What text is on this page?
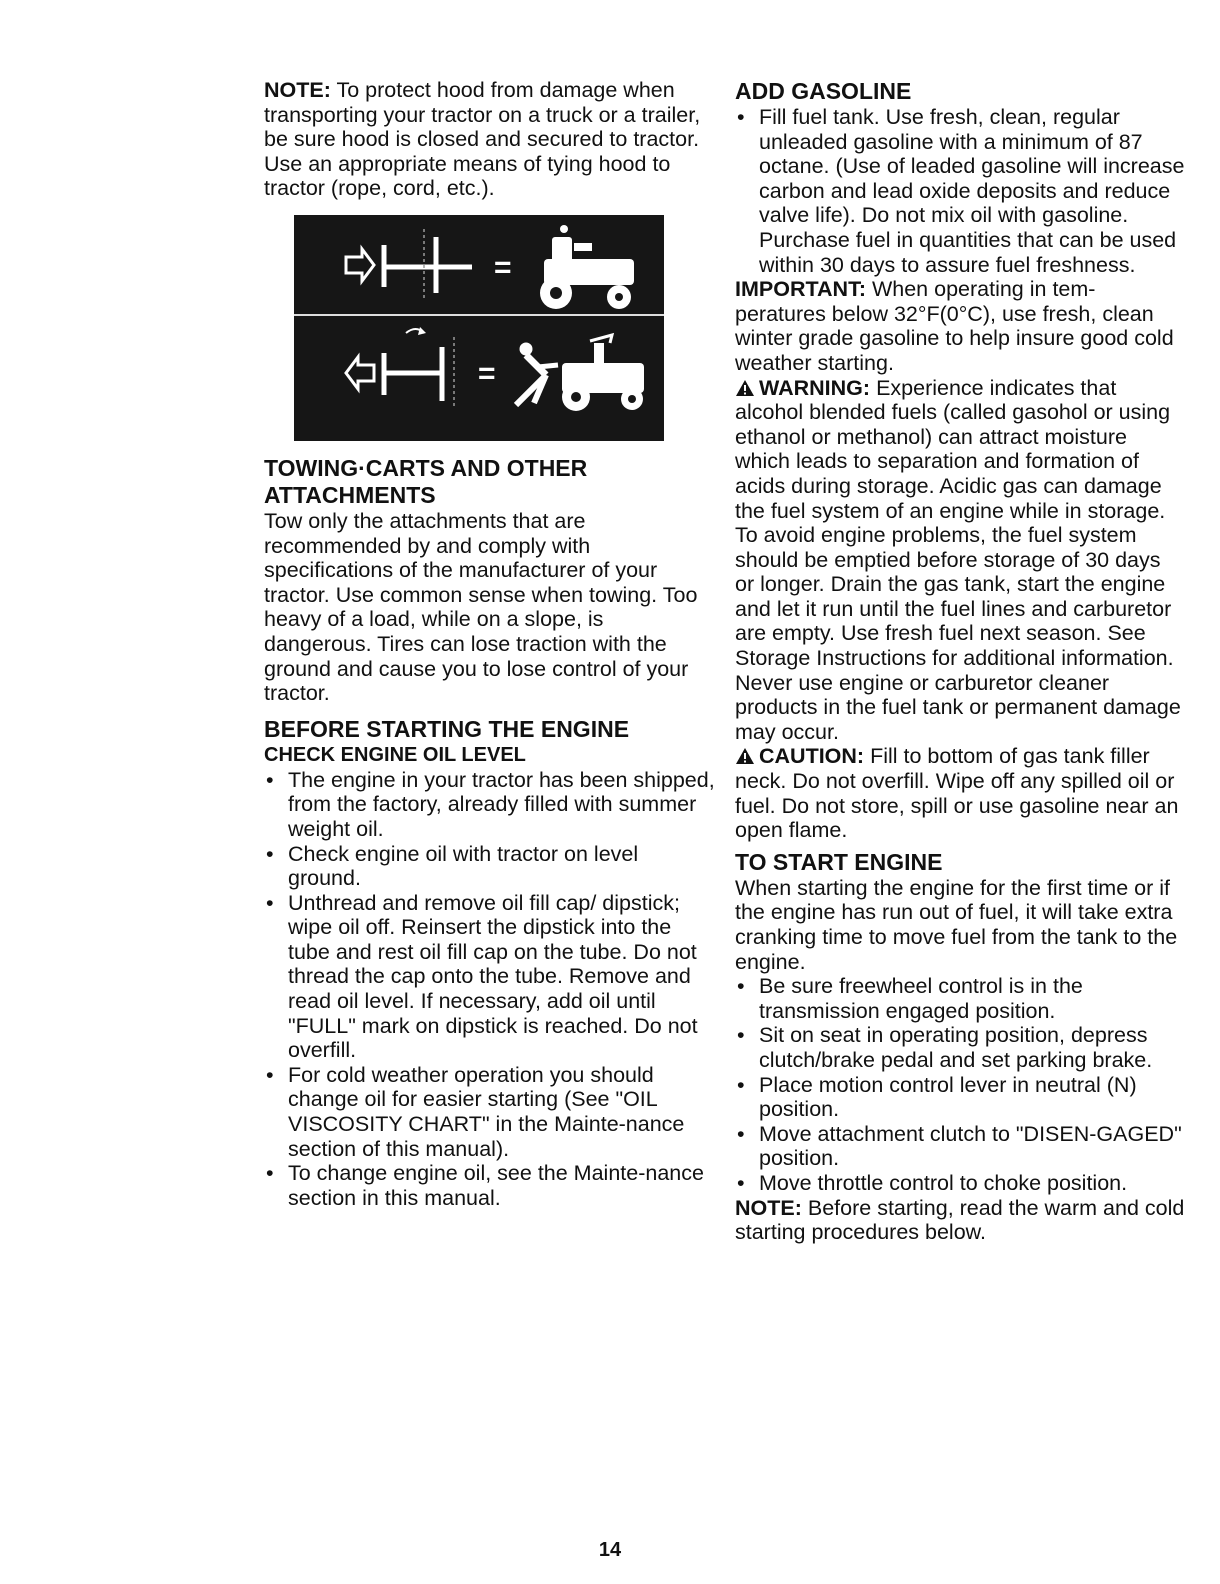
NOTE: To protect hood from damage when transporting your tractor on a truck or a trailer, be sure hood is closed and secured to tractor. Use an appropriate means of tying hood to tractor (rope, cord, etc.).

=
=
TOWING·CARTS AND OTHER ATTACHMENTS

Tow only the attachments that are recommended by and comply with specifications of the manufacturer of your tractor. Use common sense when towing. Too heavy of a load, while on a slope, is dangerous. Tires can lose traction with the ground and cause you to lose control of your tractor.

BEFORE STARTING THE ENGINE
CHECK ENGINE OIL LEVEL
• The engine in your tractor has been shipped, from the factory, already filled with summer weight oil.
• Check engine oil with tractor on level ground.
• Unthread and remove oil fill cap/ dipstick; wipe oil off. Reinsert the dipstick into the tube and rest oil fill cap on the tube. Do not thread the cap onto the tube. Remove and read oil level. If necessary, add oil until "FULL" mark on dipstick is reached. Do not overfill.
• For cold weather operation you should change oil for easier starting (See "OIL VISCOSITY CHART" in the Mainte-nance section of this manual).
• To change engine oil, see the Mainte-nance section in this manual.
ADD GASOLINE
• Fill fuel tank. Use fresh, clean, regular unleaded gasoline with a minimum of 87 octane. (Use of leaded gasoline will increase carbon and lead oxide deposits and reduce valve life). Do not mix oil with gasoline. Purchase fuel in quantities that can be used within 30 days to assure fuel freshness.

IMPORTANT: When operating in tem-peratures below 32°F(0°C), use fresh, clean winter grade gasoline to help insure good cold weather starting.

WARNING: Experience indicates that alcohol blended fuels (called gasohol or using ethanol or methanol) can attract moisture which leads to separation and formation of acids during storage. Acidic gas can damage the fuel system of an engine while in storage. To avoid engine problems, the fuel system should be emptied before storage of 30 days or longer. Drain the gas tank, start the engine and let it run until the fuel lines and carburetor are empty. Use fresh fuel next season. See Storage Instructions for additional information. Never use engine or carburetor cleaner products in the fuel tank or permanent damage may occur.

CAUTION: Fill to bottom of gas tank filler neck. Do not overfill. Wipe off any spilled oil or fuel. Do not store, spill or use gasoline near an open flame.

TO START ENGINE

When starting the engine for the first time or if the engine has run out of fuel, it will take extra cranking time to move fuel from the tank to the engine.

• Be sure freewheel control is in the transmission engaged position.
• Sit on seat in operating position, depress clutch/brake pedal and set parking brake.
• Place motion control lever in neutral (N) position.
• Move attachment clutch to "DISEN-GAGED" position.
• Move throttle control to choke position.

NOTE: Before starting, read the warm and cold starting procedures below.

14
